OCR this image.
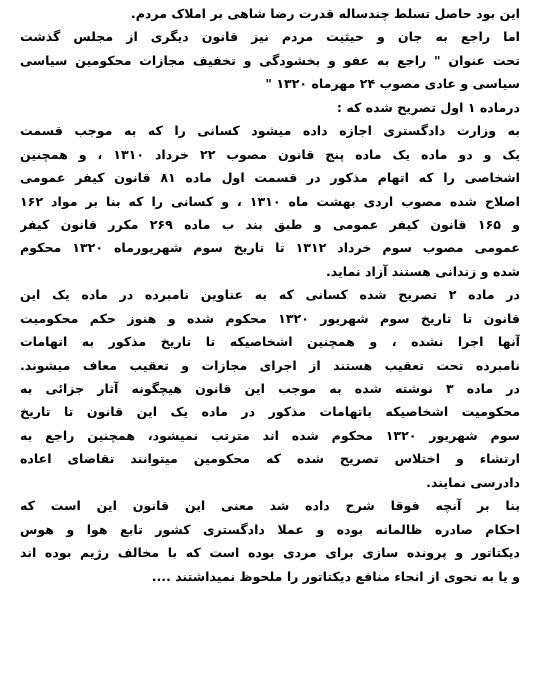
این بود حاصل تسلط چندساله قدرت رضا شاهی بر املاک مردم.
اما راجع به جان و حیثیت مردم نیز قانون دیگری از مجلس گذشت
تحت عنوان " راجع به عفو و بخشودگی و تخفیف مجازات محکومین سیاسی
سیاسی و عادی مصوب ۲۴ مهرماه ۱۳۲۰ "
درماده ۱ اول تصریح شده که :
به وزارت دادگستری اجازه داده میشود کسانی را که به موجب قسمت
یک و دو ماده یک ماده پنج قانون مصوب ۲۲ خرداد ۱۳۱۰ ، و همچنین
اشخاصی را که اتهام مذکور در قسمت اول ماده ۸۱ قانون کیفر عمومی
اصلاح شده مصوب اردی بهشت ماه ۱۳۱۰ ، و کسانی را که بنا بر مواد ۱۶۲
و ۱۶۵ قانون کیفر عمومی و طبق بند ب ماده ۲۶۹ مکرر قانون کیفر
عمومی مصوب سوم خرداد ۱۳۱۲ تا تاریخ سوم شهریورماه ۱۳۲۰ محکوم
شده و زندانی هستند آزاد نماید.
در ماده ۲ تصریح شده کسانی که به عناوین نامبرده در ماده یک این
قانون تا تاریخ سوم شهریور ۱۳۲۰ محکوم شده و هنوز حکم محکومیت
آنها اجرا نشده ، و همچنین اشخاصیکه تا تاریخ مذکور به اتهامات
نامبرده تحت تعقیب هستند از اجرای مجازات و تعقیب معاف میشوند.
در ماده ۳ نوشته شده به موجب این قانون هیچگونه آثار جزائی به
محکومیت اشخاصیکه باتهامات مذکور در ماده یک این قانون تا تاریخ
سوم شهریور ۱۳۲۰ محکوم شده اند مترتب نمیشود، همچنین راجع به
ارتشاء و اختلاس تصریح شده که محکومین میتوانند تقاضای اعاده
دادرسی نمایند.
بنا بر آنچه فوقا شرح داده شد معنی این قانون این است که
احکام صادره ظالمانه بوده و عملا دادگستری کشور تابع هوا و هوس
دیکتاتور و پرونده سازی برای مردی بوده است که با مخالف رژیم بوده اند
و یا به نحوی از انحاء منافع دیکتاتور را ملحوظ نمیداشتند ....
